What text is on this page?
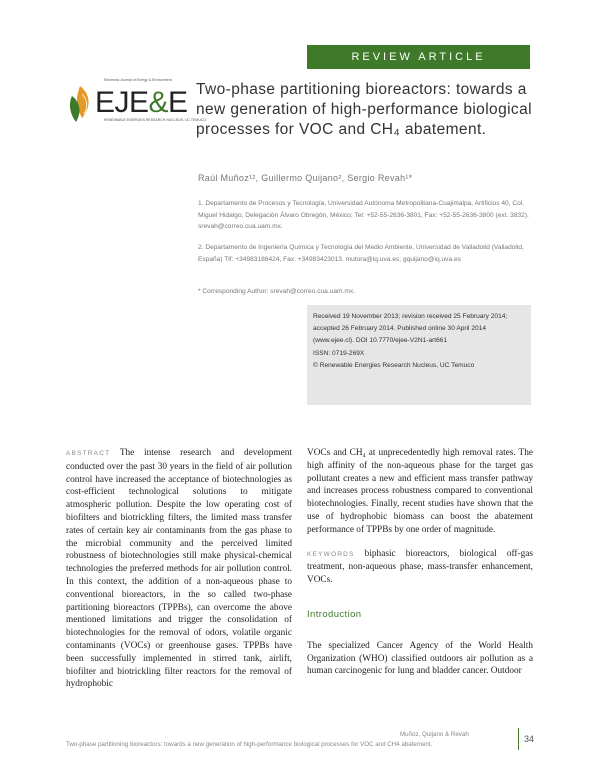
REVIEW ARTICLE
Electronic Journal of Energy & Environment
EJE&E
RENEWABLE ENERGIES RESEARCH NUCLEUS, UC TEMUCO
Two-phase partitioning bioreactors: towards a new generation of high-performance biological processes for VOC and CH₄ abatement.
Raúl Muñoz¹², Guillermo Quijano², Sergio Revah¹*
1. Departamento de Procesos y Tecnología, Universidad Autónoma Metropolitana-Cuajimalpa, Artificios 40, Col. Miguel Hidalgo, Delegación Álvaro Obregón, México; Tel: +52-55-2636-3801, Fax: +52-55-2636-3800 (ext. 3832). srevah@correo.cua.uam.mx.
2. Departamento de Ingeniería Química y Tecnología del Medio Ambiente, Universidad de Valladolid (Valladolid, España) Tlf: +34983186424, Fax: +34983423013. mutora@iq.uva.es; gquijano@iq.uva.es
* Corresponding Author: srevah@correo.cua.uam.mx.
Received 19 November 2013; revision received 25 February 2014; accepted 26 February 2014. Published online 30 April 2014 (www.ejee.cl). DOI 10.7770/ejee-V2N1-art661
ISSN: 0719-269X
© Renewable Energies Research Nucleus, UC Temuco

ABSTRACT The intense research and development conducted over the past 30 years in the field of air pollution control have increased the acceptance of biotechnologies as cost-efficient technological solutions to mitigate atmospheric pollution. Despite the low operating cost of biofilters and biotrickling filters, the limited mass transfer rates of certain key air contaminants from the gas phase to the microbial community and the perceived limited robustness of biotechnologies still make physical-chemical technologies the preferred methods for air pollution control. In this context, the addition of a non-aqueous phase to conventional bioreactors, in the so called two-phase partitioning bioreactors (TPPBs), can overcome the above mentioned limitations and trigger the consolidation of biotechnologies for the removal of odors, volatile organic contaminants (VOCs) or greenhouse gases. TPPBs have been successfully implemented in stirred tank, airlift, biofilter and biotrickling filter reactors for the removal of hydrophobic

VOCs and CH₄ at unprecedentedly high removal rates. The high affinity of the non-aqueous phase for the target gas pollutant creates a new and efficient mass transfer pathway and increases process robustness compared to conventional biotechnologies. Finally, recent studies have shown that the use of hydrophobic biomass can boost the abatement performance of TPPBs by one order of magnitude.

KEYWORDS biphasic bioreactors, biological off-gas treatment, non-aqueous phase, mass-transfer enhancement, VOCs.

Introduction

The specialized Cancer Agency of the World Health Organization (WHO) classified outdoors air pollution as a human carcinogenic for lung and bladder cancer. Outdoor

Muñoz, Quijano & Revah	34
Two-phase partitioning bioreactors: towards a new generation of high-performance biological processes for VOC and CH4 abatement.
